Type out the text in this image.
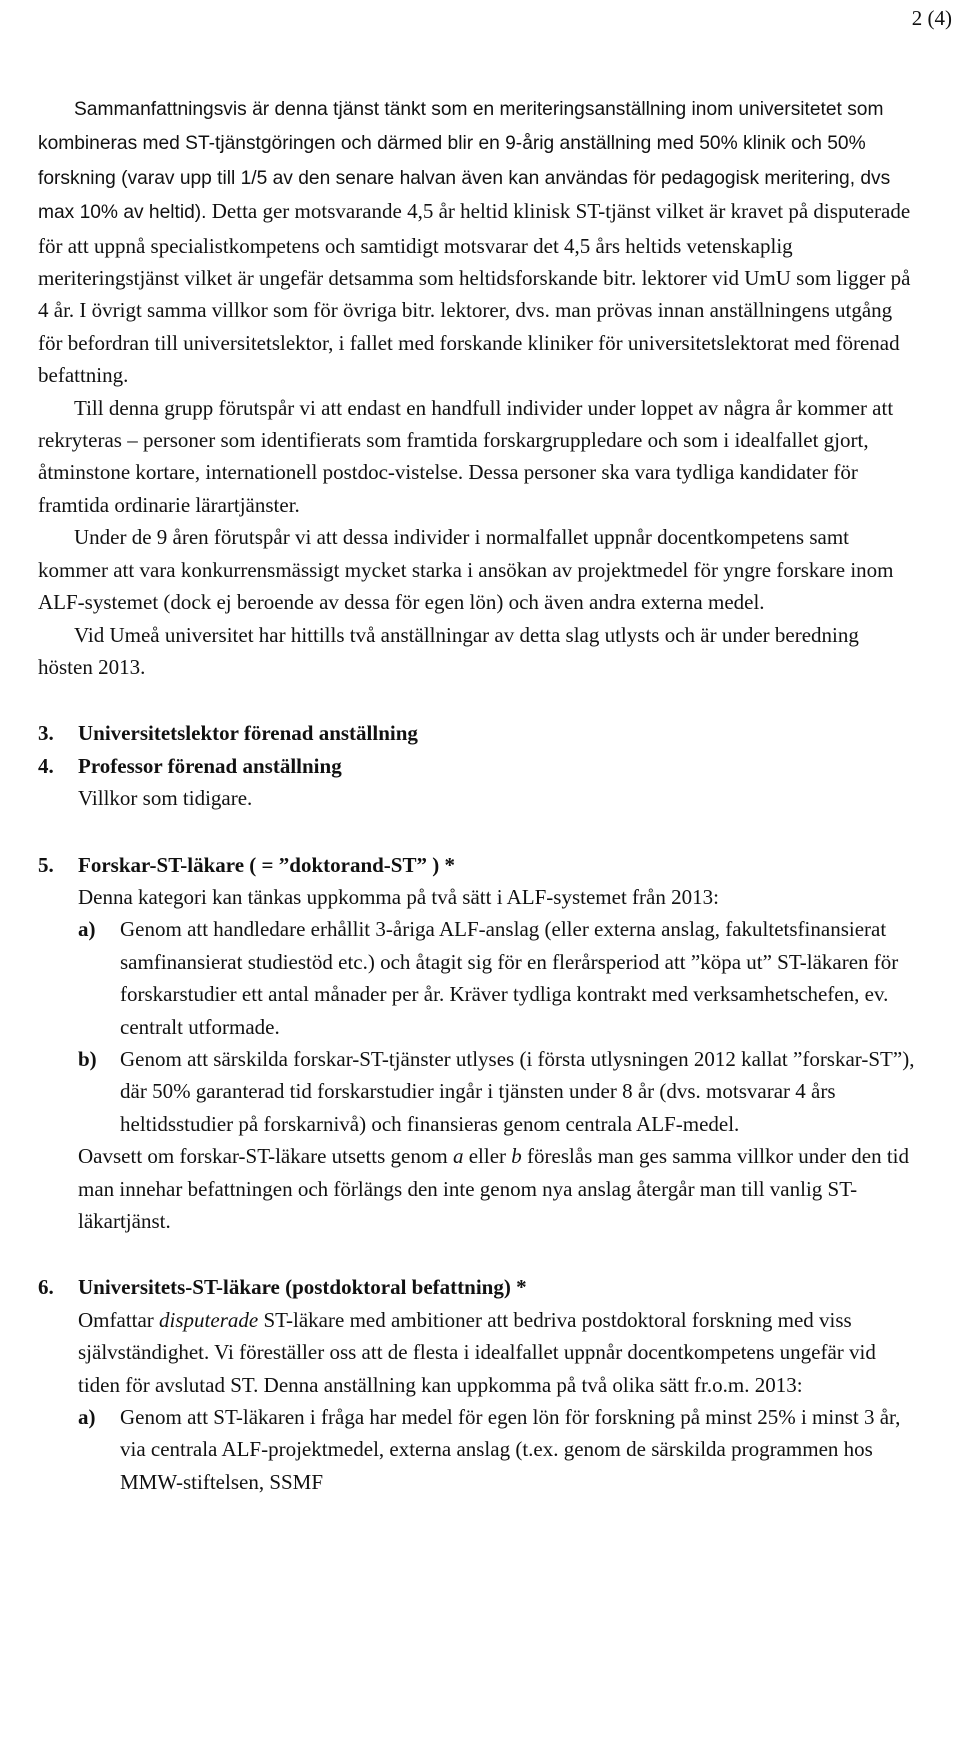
2 (4)

Sammanfattningsvis är denna tjänst tänkt som en meriteringsanställning inom universitetet som kombineras med ST-tjänstgöringen och därmed blir en 9-årig anställning med 50% klinik och 50% forskning (varav upp till 1/5 av den senare halvan även kan användas för pedagogisk meritering, dvs max 10% av heltid). Detta ger motsvarande 4,5 år heltid klinisk ST-tjänst vilket är kravet på disputerade för att uppnå specialistkompetens och samtidigt motsvarar det 4,5 års heltids vetenskaplig meriteringstjänst vilket är ungefär detsamma som heltidsforskande bitr. lektorer vid UmU som ligger på 4 år. I övrigt samma villkor som för övriga bitr. lektorer, dvs. man prövas innan anställningens utgång för befordran till universitetslektor, i fallet med forskande kliniker för universitetslektorat med förenad befattning.

Till denna grupp förutspår vi att endast en handfull individer under loppet av några år kommer att rekryteras – personer som identifierats som framtida forskargruppledare och som i idealfallet gjort, åtminstone kortare, internationell postdoc-vistelse. Dessa personer ska vara tydliga kandidater för framtida ordinarie lärartjänster.

Under de 9 åren förutspår vi att dessa individer i normalfallet uppnår docentkompetens samt kommer att vara konkurrensmässigt mycket starka i ansökan av projektmedel för yngre forskare inom ALF-systemet (dock ej beroende av dessa för egen lön) och även andra externa medel.

Vid Umeå universitet har hittills två anställningar av detta slag utlysts och är under beredning hösten 2013.

3.	Universitetslektor förenad anställning
4.	Professor förenad anställning

Villkor som tidigare.

5.	Forskar-ST-läkare ( = ”doktorand-ST” ) *

Denna kategori kan tänkas uppkomma på två sätt i ALF-systemet från 2013:

a)	Genom att handledare erhållit 3-åriga ALF-anslag (eller externa anslag, fakultetsfinansierat samfinansierat studiestöd etc.) och åtagit sig för en flerårsperiod att ”köpa ut” ST-läkaren för forskarstudier ett antal månader per år. Kräver tydliga kontrakt med verksamhetschefen, ev. centralt utformade.
b)	Genom att särskilda forskar-ST-tjänster utlyses (i första utlysningen 2012 kallat ”forskar-ST”), där 50% garanterad tid forskarstudier ingår i tjänsten under 8 år (dvs. motsvarar 4 års heltidsstudier på forskarnivå) och finansieras genom centrala ALF-medel.

Oavsett om forskar-ST-läkare utsetts genom a eller b föreslås man ges samma villkor under den tid man innehar befattningen och förlängs den inte genom nya anslag återgår man till vanlig ST-läkartjänst.

6.	Universitets-ST-läkare (postdoktoral befattning) *

Omfattar disputerade ST-läkare med ambitioner att bedriva postdoktoral forskning med viss självständighet. Vi föreställer oss att de flesta i idealfallet uppnår docentkompetens ungefär vid tiden för avslutad ST. Denna anställning kan uppkomma på två olika sätt fr.o.m. 2013:

a)	Genom att ST-läkaren i fråga har medel för egen lön för forskning på minst 25% i minst 3 år, via centrala ALF-projektmedel, externa anslag (t.ex. genom de särskilda programmen hos MMW-stiftelsen, SSMF
